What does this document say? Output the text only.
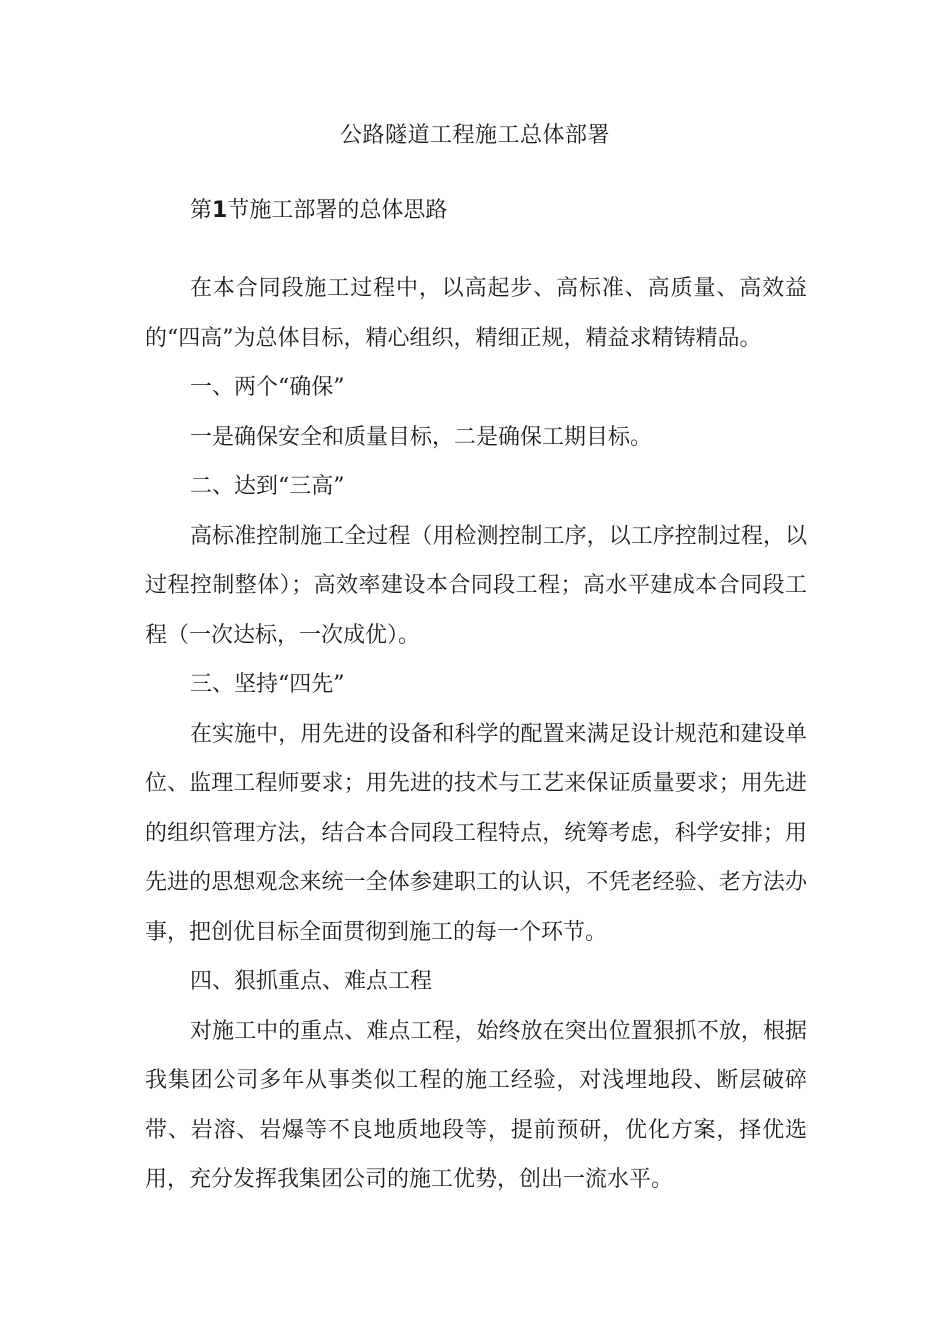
公路隧道工程施工总体部署
第1节施工部署的总体思路

在本合同段施工过程中，以高起步、高标准、高质量、高效益的“四高”为总体目标，精心组织，精细正规，精益求精铸精品。

一、两个“确保”

一是确保安全和质量目标，二是确保工期目标。

二、达到“三高”

高标准控制施工全过程（用检测控制工序，以工序控制过程，以过程控制整体）；高效率建设本合同段工程；高水平建成本合同段工程（一次达标，一次成优）。

三、坚持“四先”

在实施中，用先进的设备和科学的配置来满足设计规范和建设单位、监理工程师要求；用先进的技术与工艺来保证质量要求；用先进的组织管理方法，结合本合同段工程特点，统筹考虑，科学安排；用先进的思想观念来统一全体参建职工的认识，不凭老经验、老方法办事，把创优目标全面贯彻到施工的每一个环节。

四、狠抓重点、难点工程

对施工中的重点、难点工程，始终放在突出位置狠抓不放，根据我集团公司多年从事类似工程的施工经验，对浅埋地段、断层破碎带、岩溶、岩爆等不良地质地段等，提前预研，优化方案，择优选用，充分发挥我集团公司的施工优势，创出一流水平。
